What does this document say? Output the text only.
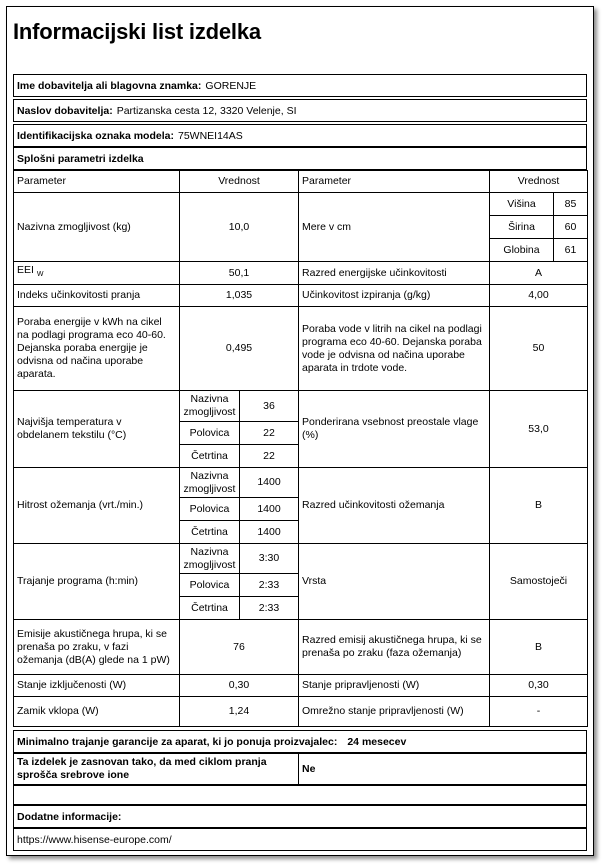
Informacijski list izdelka
Ime dobavitelja ali blagovna znamka: GORENJE
Naslov dobavitelja: Partizanska cesta 12, 3320 Velenje, SI
Identifikacijska oznaka modela: 75WNEI14AS
Splošni parametri izdelka
Parameter	Vrednost		Parameter	Vrednost	
Nazivna zmogljivost (kg)	10,0		Mere v cm	Višina	85
				Širina	60
				Globina	61
EEI $_W$	50,1		Razred energijske učinkovitosti	A	
Indeks učinkovitosti pranja	1,035		Učinkovitost izpiranja (g/kg)	4,00	
Poraba energije v kWh na cikel na podlagi programa eco 40-60. Dejanska poraba energije je odvisna od načina uporabe aparata.	0,495		Poraba vode v litrih na cikel na podlagi programa eco 40-60. Dejanska poraba vode je odvisna od načina uporabe aparata in trdote vode.	50	
Najvišja temperatura v obdelanem tekstilu (°C)	Nazivna zmogljivost	36	Ponderirana vsebnost preostale vlage (%)	53,0	
	Polovica	22			
	Četrtina	22			
Hitrost ožemanja (vrt./min.)	Nazivna zmogljivost	1400	Razred učinkovitosti ožemanja	B	
	Polovica	1400			
	Četrtina	1400			
Trajanje programa (h:min)	Nazivna zmogljivost	3:30	Vrsta	Samostoječi	
	Polovica	2:33			
	Četrtina	2:33			
Emisije akustičnega hrupa, ki se prenaša po zraku, v fazi ožemanja (dB(A) glede na 1 pW)	76		Razred emisij akustičnega hrupa, ki se prenaša po zraku (faza ožemanja)	B	
Stanje izključenosti (W)	0,30		Stanje pripravljenosti (W)	0,30	
Zamik vklopa (W)	1,24		Omrežno stanje pripravljenosti (W)	-	
Minimalno trajanje garancije za aparat, ki jo ponuja proizvajalec: 24 mesecev
Ta izdelek je zasnovan tako, da med ciklom pranja sprošča srebrove ione	Ne
Dodatne informacije:
https://www.hisense-europe.com/
